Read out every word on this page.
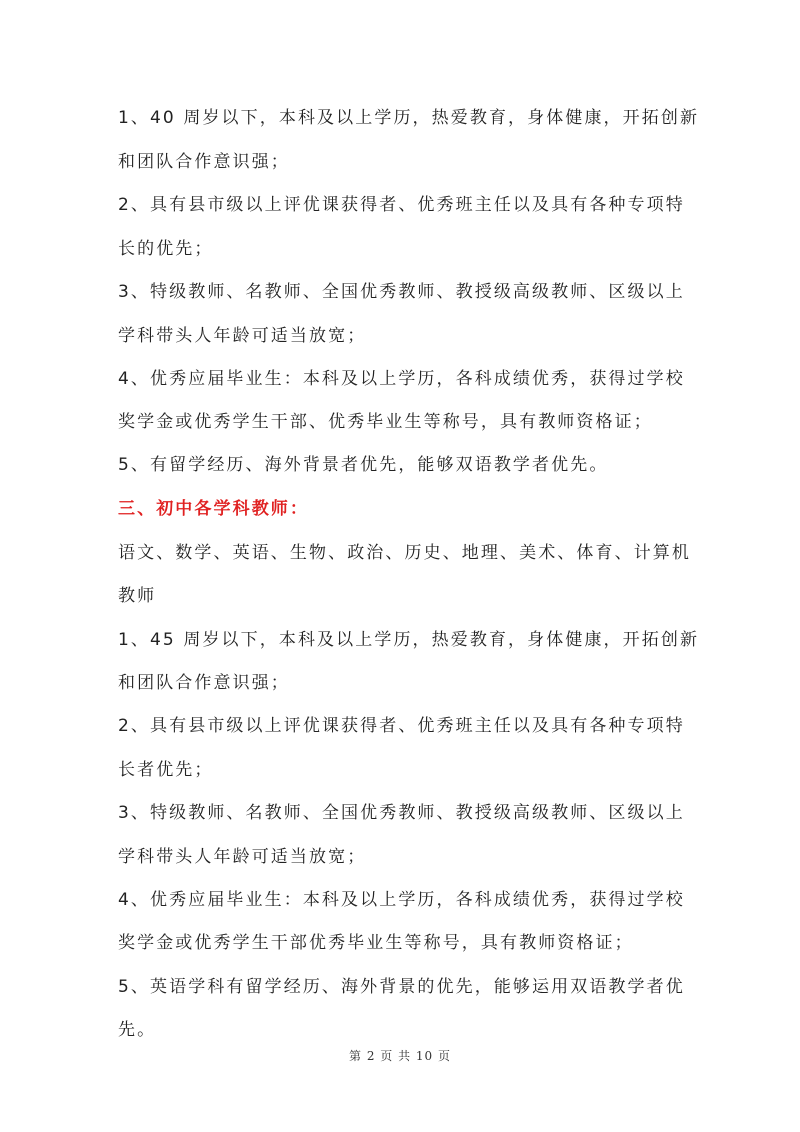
1、40 周岁以下，本科及以上学历，热爱教育，身体健康，开拓创新
和团队合作意识强；
2、具有县市级以上评优课获得者、优秀班主任以及具有各种专项特
长的优先；
3、特级教师、名教师、全国优秀教师、教授级高级教师、区级以上
学科带头人年龄可适当放宽；
4、优秀应届毕业生：本科及以上学历，各科成绩优秀，获得过学校
奖学金或优秀学生干部、优秀毕业生等称号，具有教师资格证；
5、有留学经历、海外背景者优先，能够双语教学者优先。
三、初中各学科教师：
语文、数学、英语、生物、政治、历史、地理、美术、体育、计算机
教师
1、45 周岁以下，本科及以上学历，热爱教育，身体健康，开拓创新
和团队合作意识强；
2、具有县市级以上评优课获得者、优秀班主任以及具有各种专项特
长者优先；
3、特级教师、名教师、全国优秀教师、教授级高级教师、区级以上
学科带头人年龄可适当放宽；
4、优秀应届毕业生：本科及以上学历，各科成绩优秀，获得过学校
奖学金或优秀学生干部优秀毕业生等称号，具有教师资格证；
5、英语学科有留学经历、海外背景的优先，能够运用双语教学者优
先。
第 2 页 共 10 页
